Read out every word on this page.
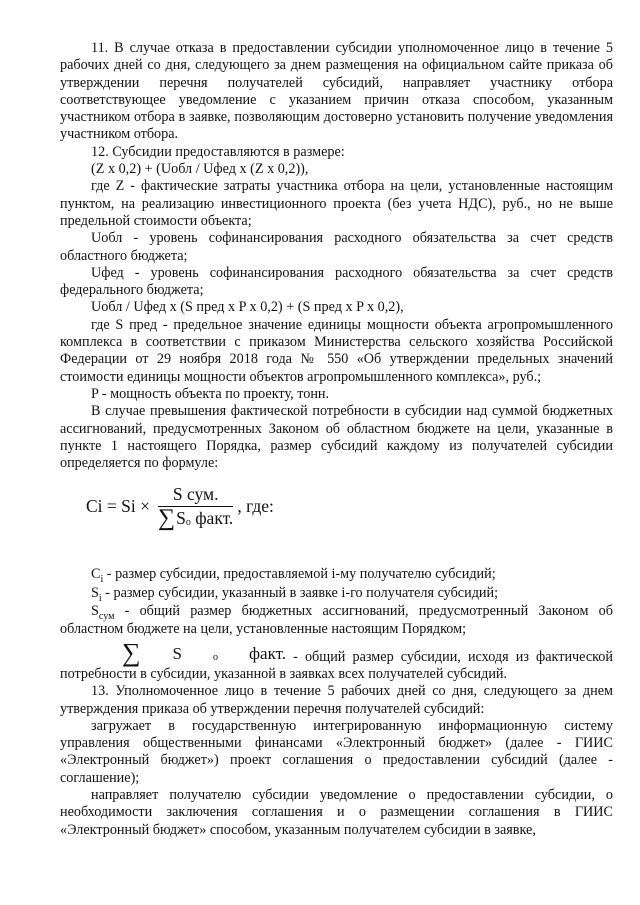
11. В случае отказа в предоставлении субсидии уполномоченное лицо в течение 5 рабочих дней со дня, следующего за днем размещения на официальном сайте приказа об утверждении перечня получателей субсидий, направляет участнику отбора соответствующее уведомление с указанием причин отказа способом, указанным участником отбора в заявке, позволяющим достоверно установить получение уведомления участником отбора.

12. Субсидии предоставляются в размере:

(Z x 0,2) + (Uобл / Uфед x (Z x 0,2)),

где Z - фактические затраты участника отбора на цели, установленные настоящим пунктом, на реализацию инвестиционного проекта (без учета НДС), руб., но не выше предельной стоимости объекта;

Uобл - уровень софинансирования расходного обязательства за счет средств областного бюджета;

Uфед - уровень софинансирования расходного обязательства за счет средств федерального бюджета;

Uобл / Uфед x (S пред x P x 0,2) + (S пред x P x 0,2),

где S пред - предельное значение единицы мощности объекта агропромышленного комплекса в соответствии с приказом Министерства сельского хозяйства Российской Федерации от 29 ноября 2018 года № 550 «Об утверждении предельных значений стоимости единицы мощности объектов агропромышленного комплекса», руб.;

P - мощность объекта по проекту, тонн.

В случае превышения фактической потребности в субсидии над суммой бюджетных ассигнований, предусмотренных Законом об областном бюджете на цели, указанные в пункте 1 настоящего Порядка, размер субсидий каждому из получателей субсидии определяется по формуле:

Ci = Si × S сум.
∑ S о
факт. , где:

$C_i$ - размер субсидии, предоставляемой i-му получателю субсидий;

$S_i$ - размер субсидии, указанный в заявке i-го получателя субсидий;

$S_{сум}$ - общий размер бюджетных ассигнований, предусмотренный Законом об областном бюджете на цели, установленные настоящим Порядком;

∑	S	о	факт. - общий размер субсидии, исходя из фактической потребности в субсидии, указанной в заявках всех получателей субсидий.

13. Уполномоченное лицо в течение 5 рабочих дней со дня, следующего за днем утверждения приказа об утверждении перечня получателей субсидий:

загружает в государственную интегрированную информационную систему управления общественными финансами «Электронный бюджет» (далее - ГИИС «Электронный бюджет») проект соглашения о предоставлении субсидий (далее - соглашение);

направляет получателю субсидии уведомление о предоставлении субсидии, о необходимости заключения соглашения и о размещении соглашения в ГИИС «Электронный бюджет» способом, указанным получателем субсидии в заявке,
